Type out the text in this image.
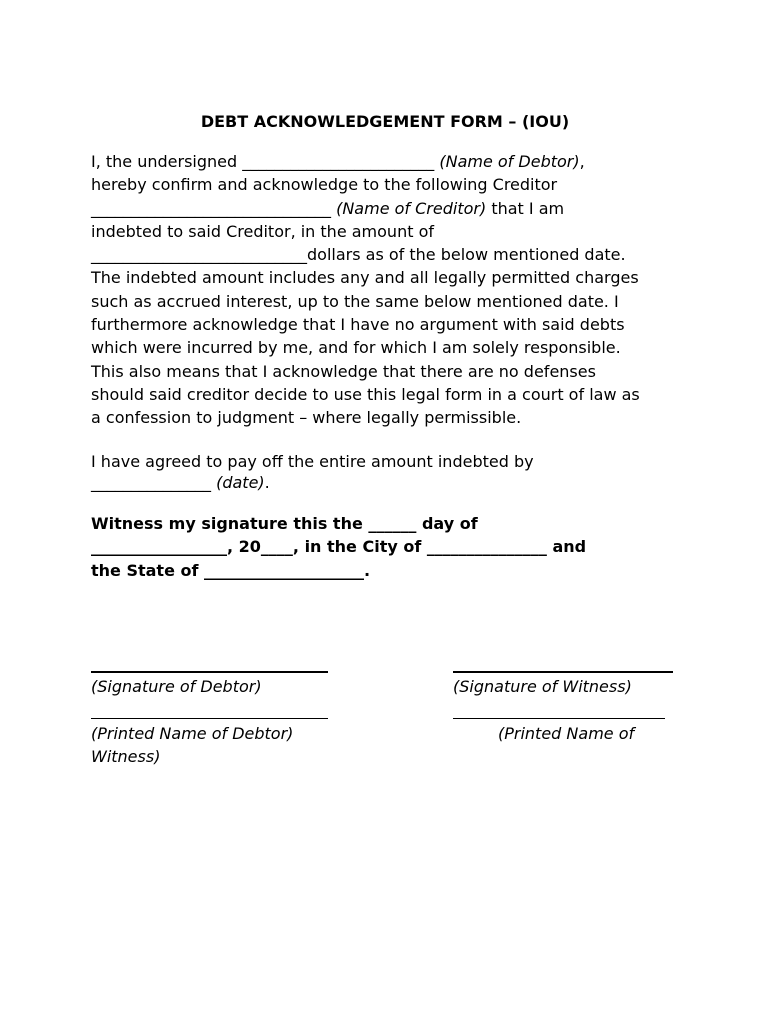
DEBT ACKNOWLEDGEMENT FORM – (IOU)
I, the undersigned ________________________ (Name of Debtor),
hereby confirm and acknowledge to the following Creditor
______________________________ (Name of Creditor) that I am
indebted to said Creditor, in the amount of
___________________________dollars as of the below mentioned date.
The indebted amount includes any and all legally permitted charges
such as accrued interest, up to the same below mentioned date. I
furthermore acknowledge that I have no argument with said debts
which were incurred by me, and for which I am solely responsible.
This also means that I acknowledge that there are no defenses
should said creditor decide to use this legal form in a court of law as
a confession to judgment – where legally permissible.
I have agreed to pay off the entire amount indebted by
_______________ (date).
Witness my signature this the ______ day of
_________________, 20____, in the City of _______________ and
the State of ____________________.
(Signature of Debtor)	(Signature of Witness)
(Printed Name of Debtor)	(Printed Name of
Witness)
